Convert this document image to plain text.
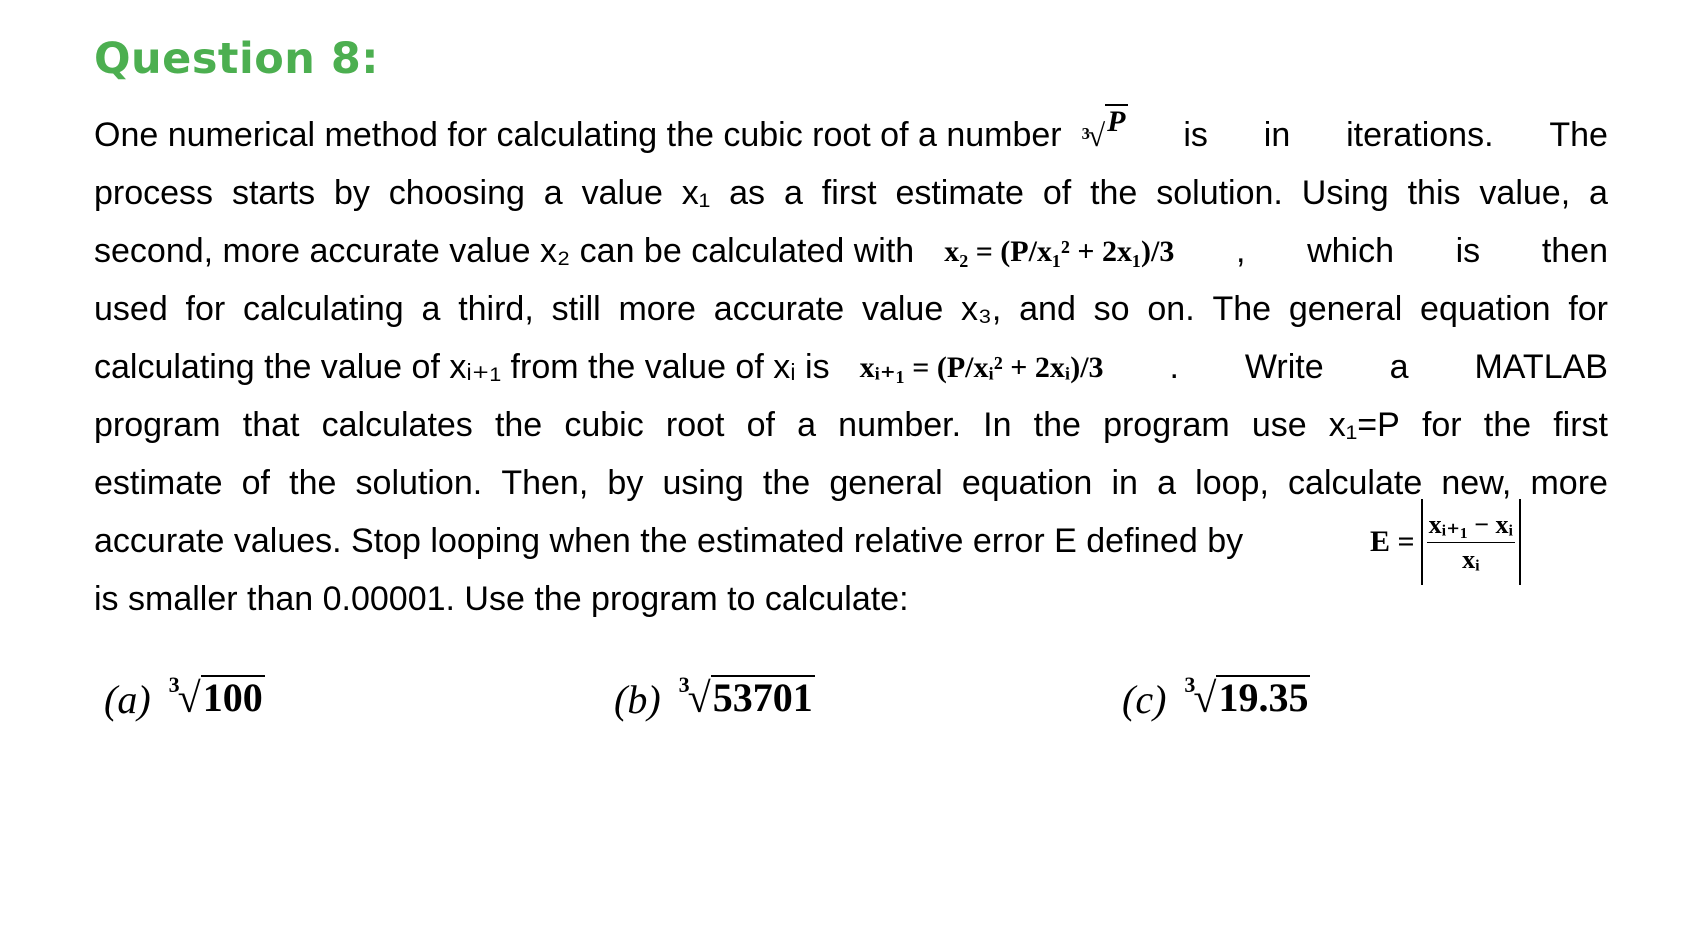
Question 8:
One numerical method for calculating the cubic root of a number 3
√ P is in iterations. The
process starts by choosing a value x₁ as a first estimate of the solution. Using this value, a
second, more accurate value x₂ can be calculated with x₂ = (P/x₁² + 2x₁)/3 , which is then
used for calculating a third, still more accurate value x₃, and so on. The general equation for
calculating the value of xᵢ₊₁ from the value of xᵢ is xᵢ₊₁ = (P/xᵢ² + 2xᵢ)/3 . Write a MATLAB
program that calculates the cubic root of a number. In the program use x₁=P for the first
estimate of the solution. Then, by using the general equation in a loop, calculate new, more
accurate values. Stop looping when the estimated relative error E defined by	$E = \frac{\text{xᵢ₊₁ − xᵢ}}{\text{xᵢ}}$
is smaller than 0.00001. Use the program to calculate:
(a) 3
√ 100	(b) 3
√ 53701	(c) 3
√ 19.35
